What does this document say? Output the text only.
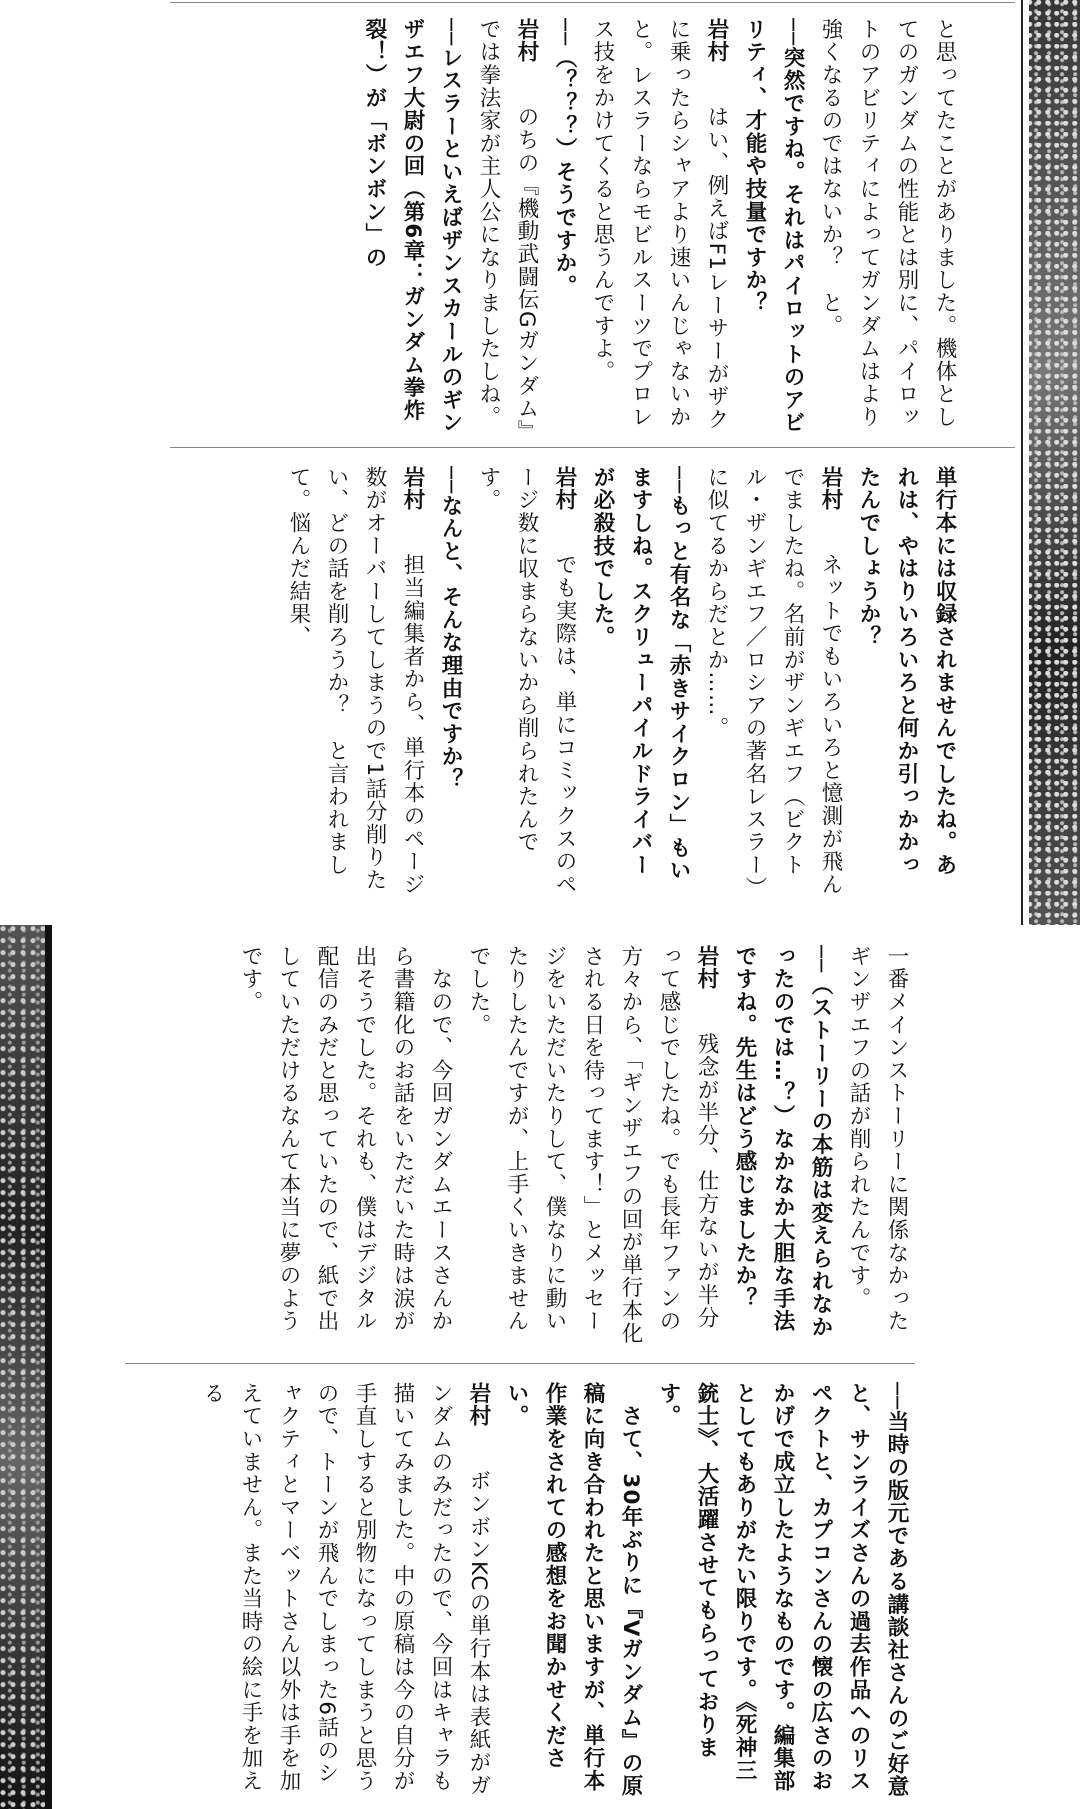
と思ってたことがありました。機体としてのガンダムの性能とは別に、パイロットのアビリティによってガンダムはより強くなるのではないか？　と。

──突然ですね。それはパイロットのアビリティ、才能や技量ですか？

岩村　はい、例えばF1レーサーがザクに乗ったらシャアより速いんじゃないかと。レスラーならモビルスーツでプロレス技をかけてくると思うんですよ。

──（？？？）そうですか。

岩村　のちの『機動武闘伝Gガンダム』では拳法家が主人公になりましたしね。

──レスラーといえばザンスカールのギンザエフ大尉の回（第6章：ガンダム拳炸裂！）が「ボンボン」の

単行本には収録されませんでしたね。あれは、やはりいろいろと何か引っかかったんでしょうか？

岩村　ネットでもいろいろと憶測が飛んでましたね。名前がザンギエフ（ビクトル・ザンギエフ／ロシアの著名レスラー）に似てるからだとか……。

──もっと有名な「赤きサイクロン」もいますしね。スクリューパイルドライバーが必殺技でした。

岩村　でも実際は、単にコミックスのページ数に収まらないから削られたんです。

──なんと、そんな理由ですか？

岩村　担当編集者から、単行本のページ数がオーバーしてしまうので1話分削りたい、どの話を削ろうか？　と言われまして。悩んだ結果、

一番メインストーリーに関係なかったギンザエフの話が削られたんです。

──（ストーリーの本筋は変えられなかったのでは…？）なかなか大胆な手法ですね。先生はどう感じましたか？

岩村　残念が半分、仕方ないが半分って感じでしたね。でも長年ファンの方々から、「ギンザエフの回が単行本化される日を待ってます！」とメッセージをいただいたりして、僕なりに動いたりしたんですが、上手くいきませんでした。

　なので、今回ガンダムエースさんから書籍化のお話をいただいた時は涙が出そうでした。それも、僕はデジタル配信のみだと思っていたので、紙で出していただけるなんて本当に夢のようです。

──当時の版元である講談社さんのご好意と、サンライズさんの過去作品へのリスペクトと、カプコンさんの懐の広さのおかげで成立したようなものです。編集部としてもありがたい限りです。《死神三銃士》、大活躍させてもらっております。

　さて、30年ぶりに『Vガンダム』の原稿に向き合われたと思いますが、単行本作業をされての感想をお聞かせください。

岩村　ボンボンKCの単行本は表紙がガンダムのみだったので、今回はキャラも描いてみました。中の原稿は今の自分が手直しすると別物になってしまうと思うので、トーンが飛んでしまった6話のシャクティとマーベットさん以外は手を加えていません。また当時の絵に手を加える
